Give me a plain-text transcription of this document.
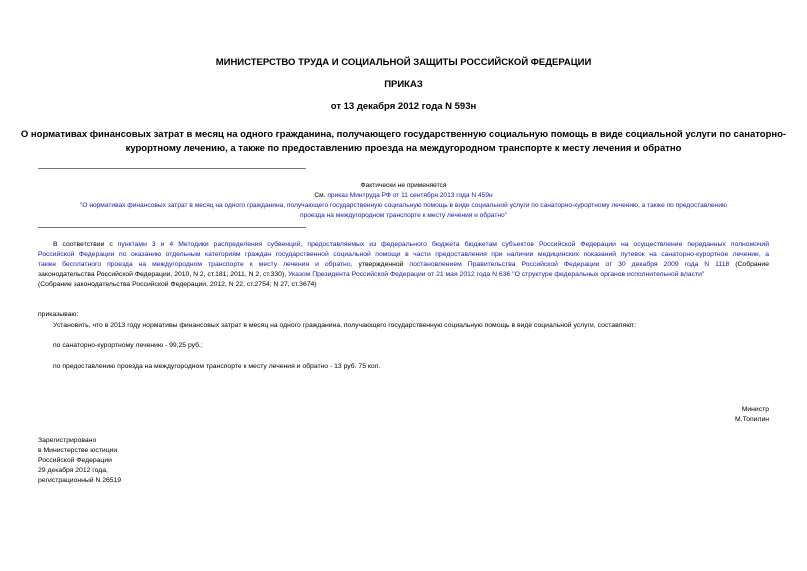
МИНИСТЕРСТВО ТРУДА И СОЦИАЛЬНОЙ ЗАЩИТЫ РОССИЙСКОЙ ФЕДЕРАЦИИ
ПРИКАЗ
от 13 декабря 2012 года N 593н
О нормативах финансовых затрат в месяц на одного гражданина, получающего государственную социальную помощь в виде социальной услуги по санаторно-
курортному лечению, а также по предоставлению проезда на междугородном транспорте к месту лечения и обратно
Фактически не применяется
См. приказ Минтруда РФ от 11 сентября 2013 года N 459н
"О нормативах финансовых затрат в месяц на одного гражданина, получающего государственную социальную помощь в виде социальной услуги по санаторно-курортному лечению, а также по предоставлению
проезда на междугородном транспорте к месту лечения и обратно"
В соответствии с пунктами 3 и 4 Методики распределения субвенций, предоставляемых из федерального бюджета бюджетам субъектов Российской Федерации на осуществление переданных полномочий
Российской Федерации по оказанию отдельным категориям граждан государственной социальной помощи в части предоставления при наличии медицинских показаний путевок на санаторно-курортное лечение, а
также бесплатного проезда на междугородном транспорте к месту лечения и обратно, утвержденной постановлением Правительства Российской Федерации от 30 декабря 2009 года N 1118 (Собрание
законодательства Российской Федерации, 2010, N 2, ст.181; 2011, N 2, ст.330), Указом Президента Российской Федерации от 21 мая 2012 года N 636 "О структуре федеральных органов исполнительной власти"
(Собрание законодательства Российской Федерации, 2012, N 22, ст.2754; N 27, ст.3674)
приказываю:
Установить, что в 2013 году нормативы финансовых затрат в месяц на одного гражданина, получающего государственную социальную помощь в виде социальной услуги, составляют:
по санаторно-курортному лечению - 99,25 руб.;
по предоставлению проезда на междугородном транспорте к месту лечения и обратно - 13 руб. 75 коп.
Министр
М.Топилин
Зарегистрировано
в Министерстве юстиции
Российской Федерации
29 декабря 2012 года,
регистрационный N 26519
